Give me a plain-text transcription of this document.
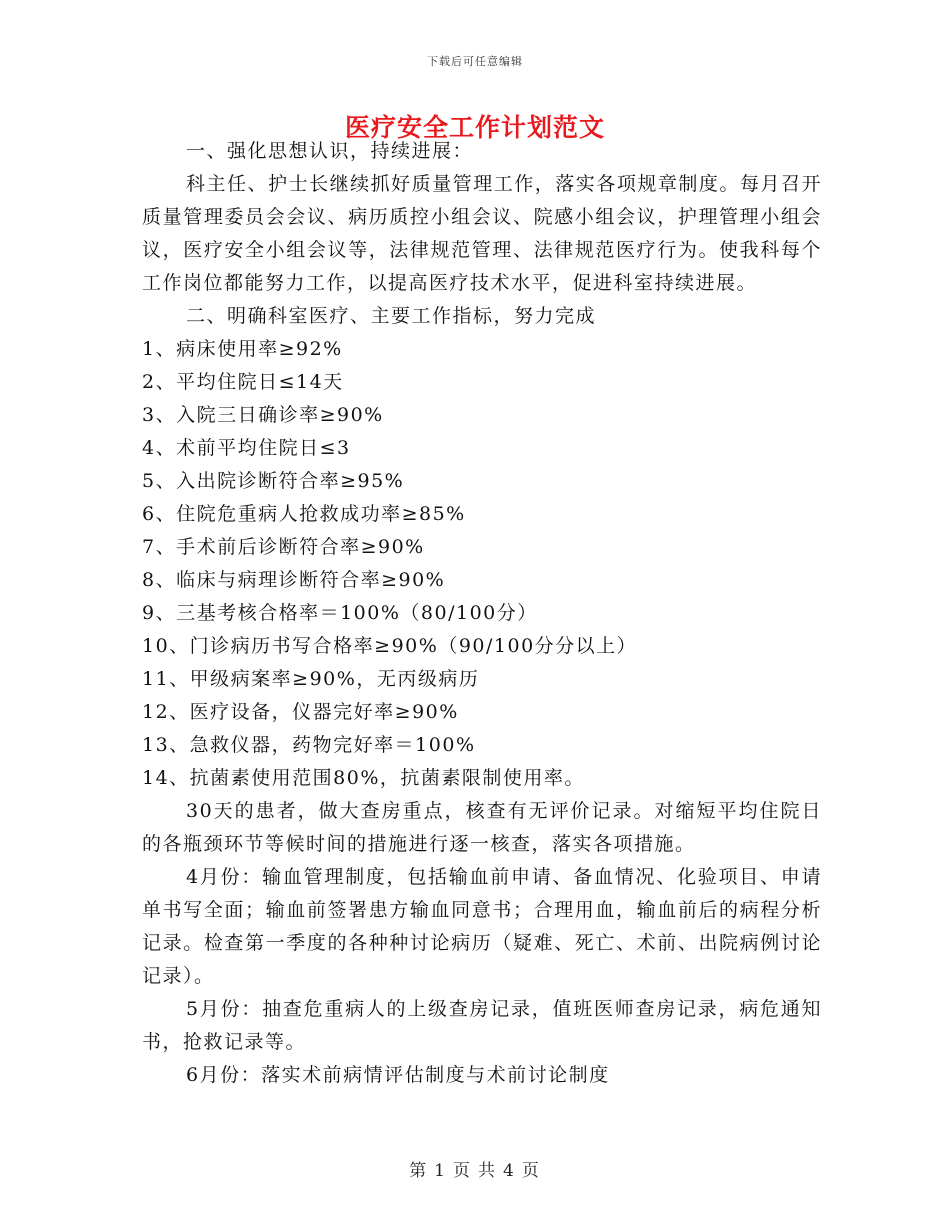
下载后可任意编辑
医疗安全工作计划范文

一、强化思想认识，持续进展：

科主任、护士长继续抓好质量管理工作，落实各项规章制度。每月召开质量管理委员会会议、病历质控小组会议、院感小组会议，护理管理小组会议，医疗安全小组会议等，法律规范管理、法律规范医疗行为。使我科每个工作岗位都能努力工作，以提高医疗技术水平，促进科室持续进展。

二、明确科室医疗、主要工作指标，努力完成

1、病床使用率≥92%

2、平均住院日≤14天

3、入院三日确诊率≥90%

4、术前平均住院日≤3

5、入出院诊断符合率≥95%

6、住院危重病人抢救成功率≥85%

7、手术前后诊断符合率≥90%

8、临床与病理诊断符合率≥90%

9、三基考核合格率＝100%（80/100分）

10、门诊病历书写合格率≥90%（90/100分分以上）

11、甲级病案率≥90%，无丙级病历

12、医疗设备，仪器完好率≥90%

13、急救仪器，药物完好率＝100%

14、抗菌素使用范围80%，抗菌素限制使用率。

30天的患者，做大查房重点，核查有无评价记录。对缩短平均住院日的各瓶颈环节等候时间的措施进行逐一核查，落实各项措施。

4月份：输血管理制度，包括输血前申请、备血情况、化验项目、申请单书写全面；输血前签署患方输血同意书；合理用血，输血前后的病程分析记录。检查第一季度的各种种讨论病历（疑难、死亡、术前、出院病例讨论记录）。

5月份：抽查危重病人的上级查房记录，值班医师查房记录，病危通知书，抢救记录等。

6月份：落实术前病情评估制度与术前讨论制度

第 1 页 共 4 页
